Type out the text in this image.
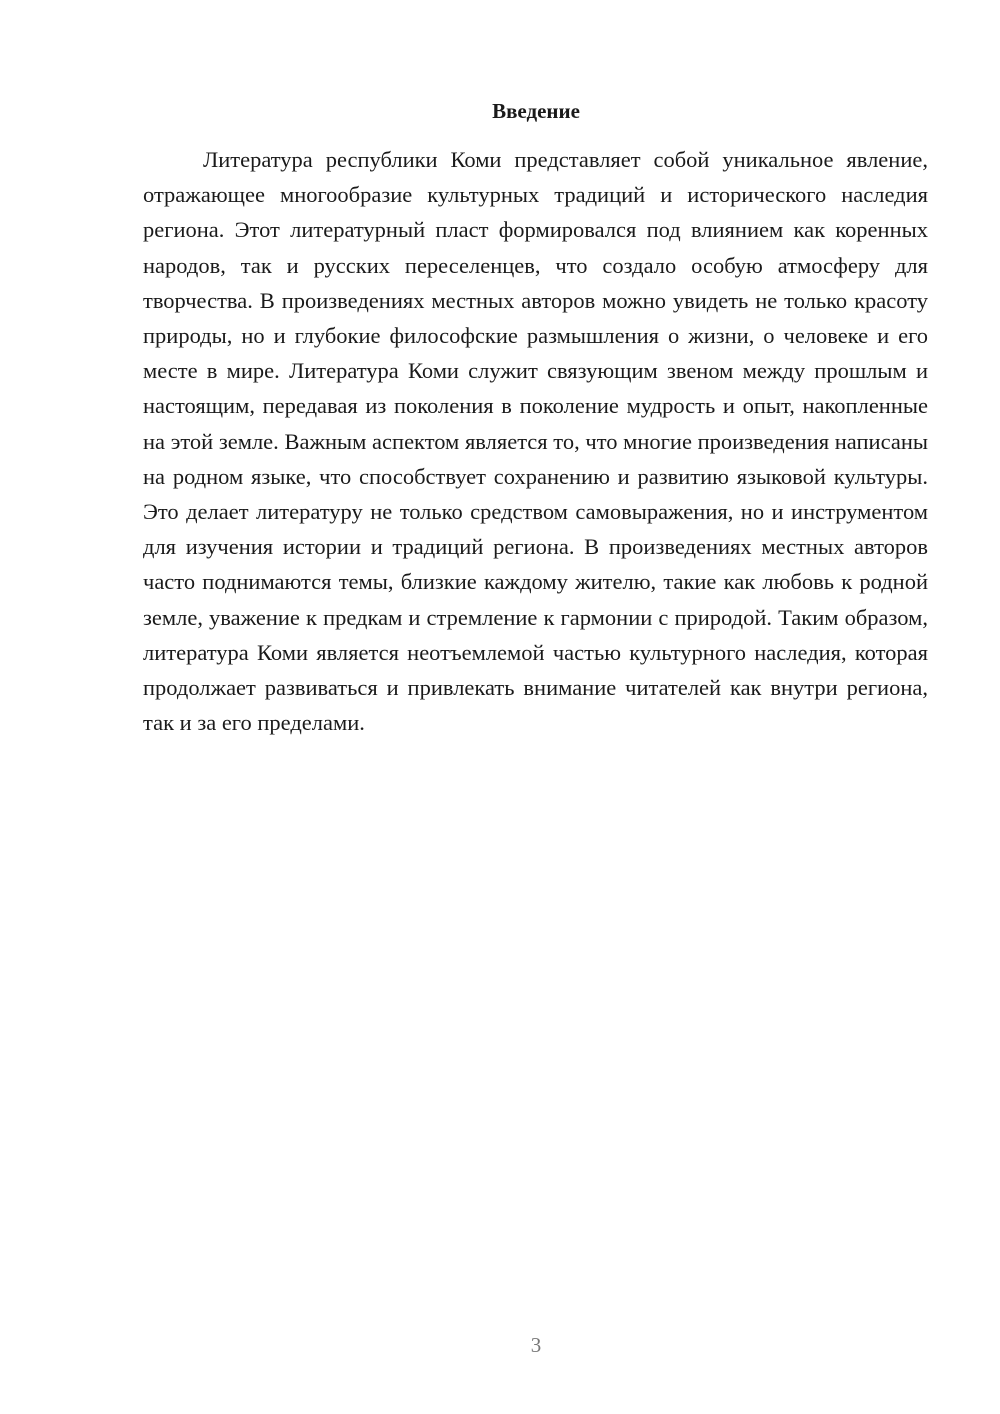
Введение

Литература республики Коми представляет собой уникальное явление, отражающее многообразие культурных традиций и исторического наследия региона. Этот литературный пласт формировался под влиянием как коренных народов, так и русских переселенцев, что создало особую атмосферу для творчества. В произведениях местных авторов можно увидеть не только красоту природы, но и глубокие философские размышления о жизни, о человеке и его месте в мире. Литература Коми служит связующим звеном между прошлым и настоящим, передавая из поколения в поколение мудрость и опыт, накопленные на этой земле. Важным аспектом является то, что многие произведения написаны на родном языке, что способствует сохранению и развитию языковой культуры. Это делает литературу не только средством самовыражения, но и инструментом для изучения истории и традиций региона. В произведениях местных авторов часто поднимаются темы, близкие каждому жителю, такие как любовь к родной земле, уважение к предкам и стремление к гармонии с природой. Таким образом, литература Коми является неотъемлемой частью культурного наследия, которая продолжает развиваться и привлекать внимание читателей как внутри региона, так и за его пределами.

3
